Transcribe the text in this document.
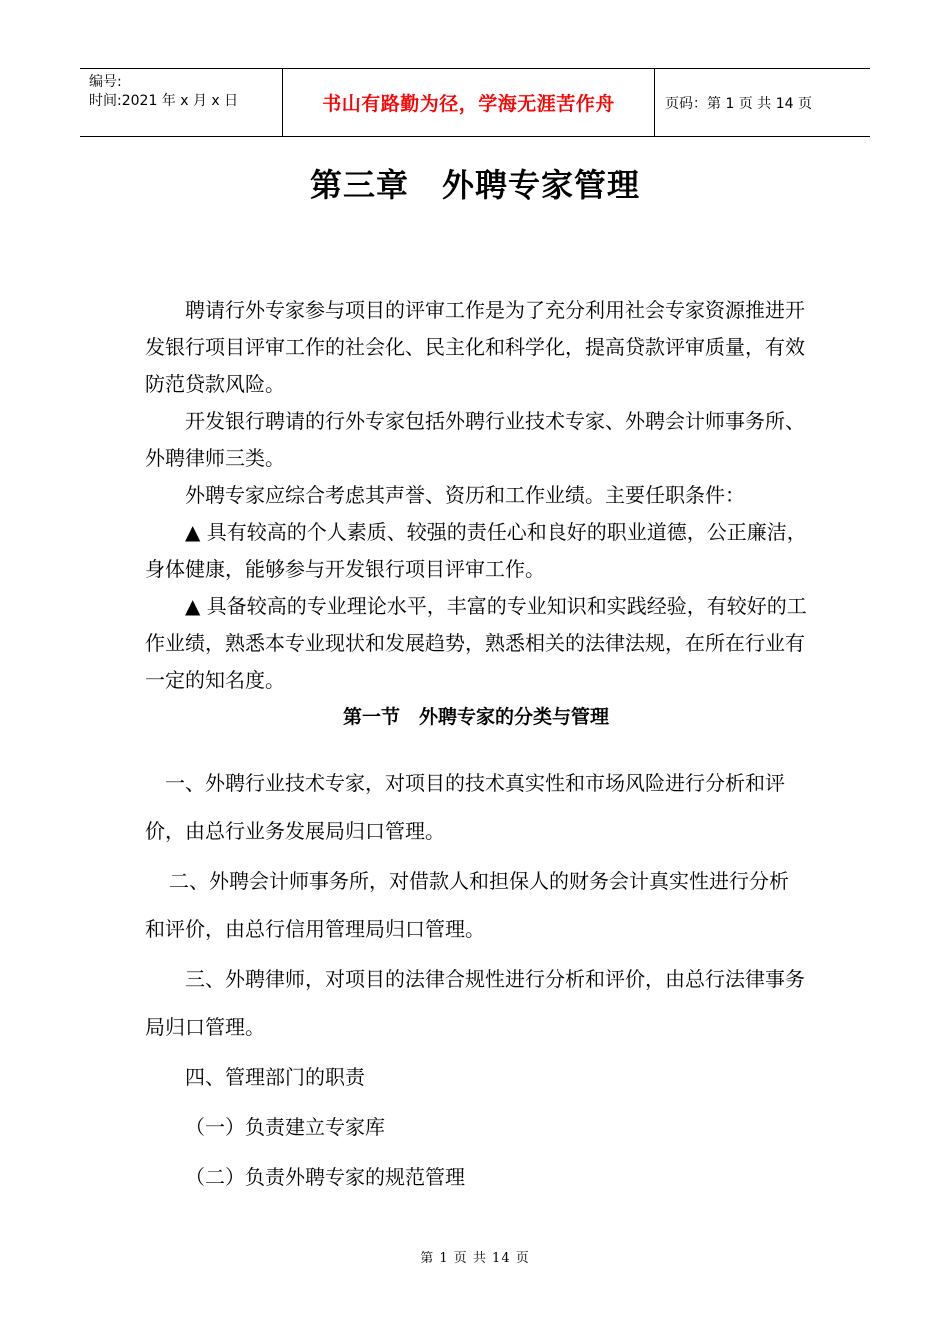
编号:
时间:2021 年 x 月 x 日	书山有路勤为径，学海无涯苦作舟	页码：第 1 页 共 14 页
第三章　外聘专家管理

聘请行外专家参与项目的评审工作是为了充分利用社会专家资源推进开发银行项目评审工作的社会化、民主化和科学化，提高贷款评审质量，有效防范贷款风险。

开发银行聘请的行外专家包括外聘行业技术专家、外聘会计师事务所、外聘律师三类。

外聘专家应综合考虑其声誉、资历和工作业绩。主要任职条件：

▲ 具有较高的个人素质、较强的责任心和良好的职业道德，公正廉洁，身体健康，能够参与开发银行项目评审工作。

▲ 具备较高的专业理论水平，丰富的专业知识和实践经验，有较好的工作业绩，熟悉本专业现状和发展趋势，熟悉相关的法律法规，在所在行业有一定的知名度。

第一节　外聘专家的分类与管理

一、外聘行业技术专家，对项目的技术真实性和市场风险进行分析和评价，由总行业务发展局归口管理。

二、外聘会计师事务所，对借款人和担保人的财务会计真实性进行分析和评价，由总行信用管理局归口管理。

三、外聘律师，对项目的法律合规性进行分析和评价，由总行法律事务局归口管理。

四、管理部门的职责

（一）负责建立专家库

（二）负责外聘专家的规范管理

第 1 页 共 14 页
